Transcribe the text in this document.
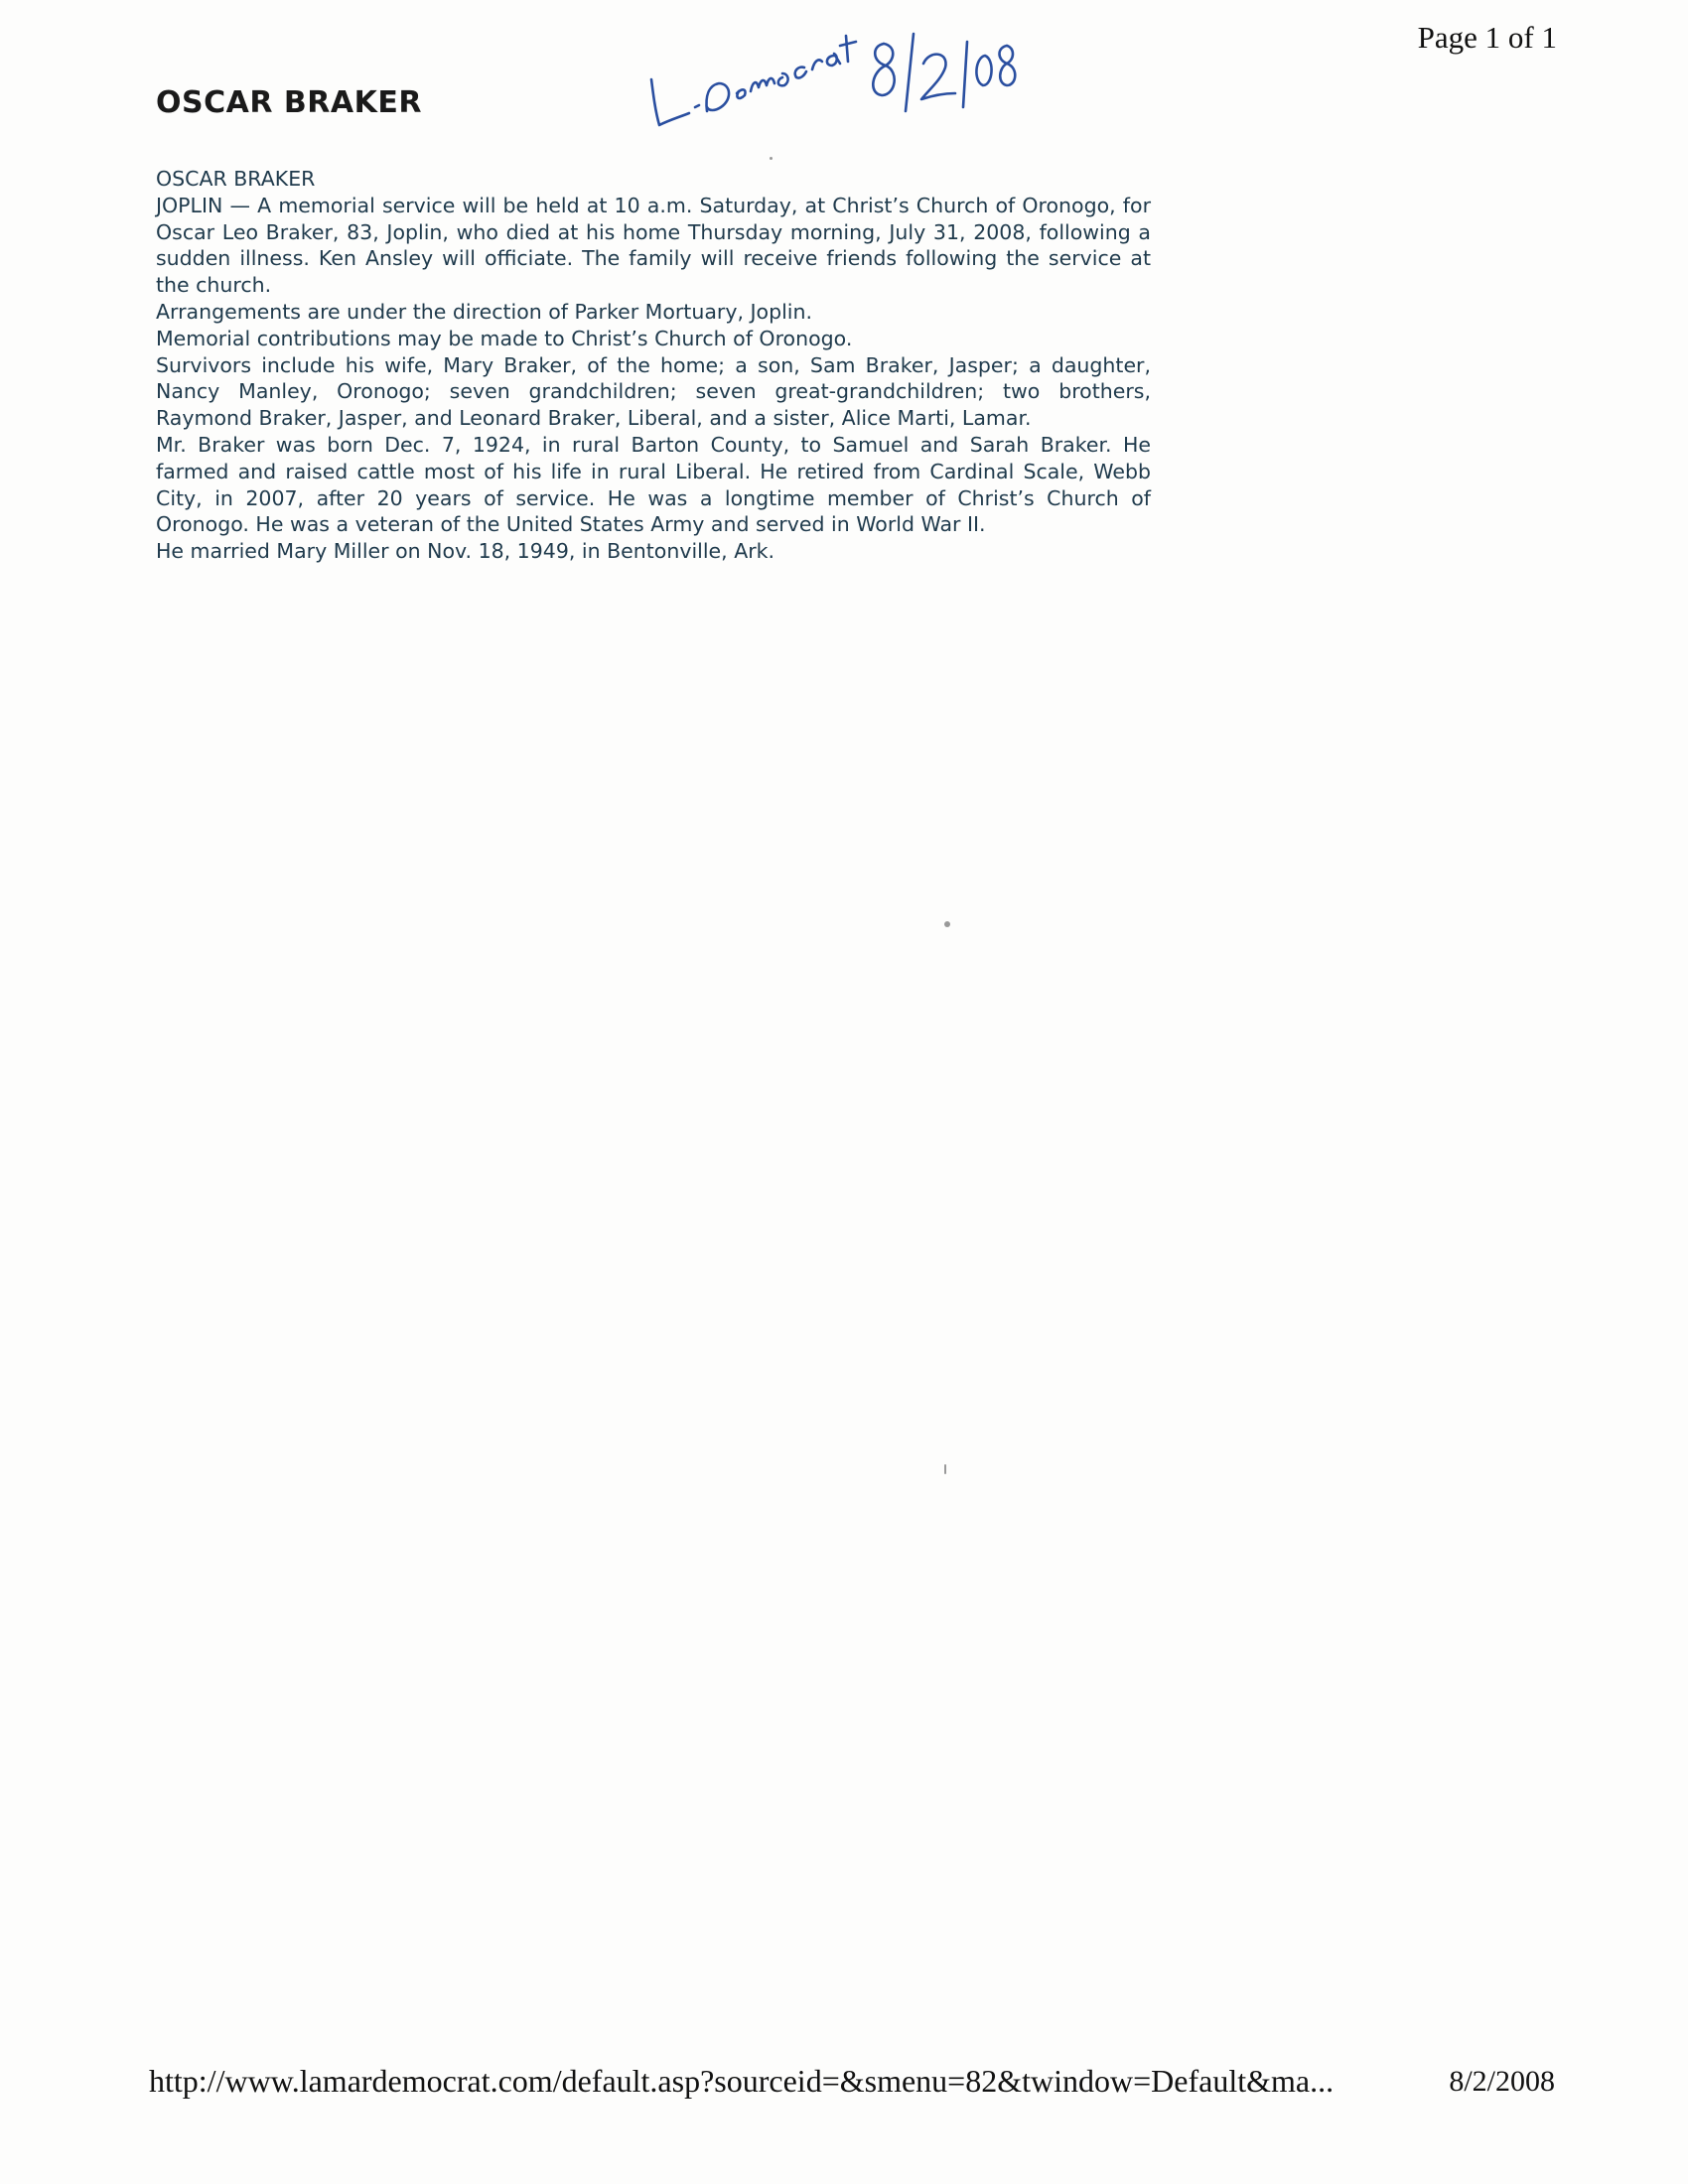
Page 1 of 1
OSCAR BRAKER

OSCAR BRAKER

JOPLIN — A memorial service will be held at 10 a.m. Saturday, at Christ’s Church of Oronogo, for Oscar Leo Braker, 83, Joplin, who died at his home Thursday morning, July 31, 2008, following a sudden illness. Ken Ansley will officiate. The family will receive friends following the service at the church.

Arrangements are under the direction of Parker Mortuary, Joplin.

Memorial contributions may be made to Christ’s Church of Oronogo.

Survivors include his wife, Mary Braker, of the home; a son, Sam Braker, Jasper; a daughter, Nancy Manley, Oronogo; seven grandchildren; seven great-grandchildren; two brothers, Raymond Braker, Jasper, and Leonard Braker, Liberal, and a sister, Alice Marti, Lamar.

Mr. Braker was born Dec. 7, 1924, in rural Barton County, to Samuel and Sarah Braker. He farmed and raised cattle most of his life in rural Liberal. He retired from Cardinal Scale, Webb City, in 2007, after 20 years of service. He was a longtime member of Christ’s Church of Oronogo. He was a veteran of the United States Army and served in World War II.

He married Mary Miller on Nov. 18, 1949, in Bentonville, Ark.

http://www.lamardemocrat.com/default.asp?sourceid=&smenu=82&twindow=Default&ma...	8/2/2008
